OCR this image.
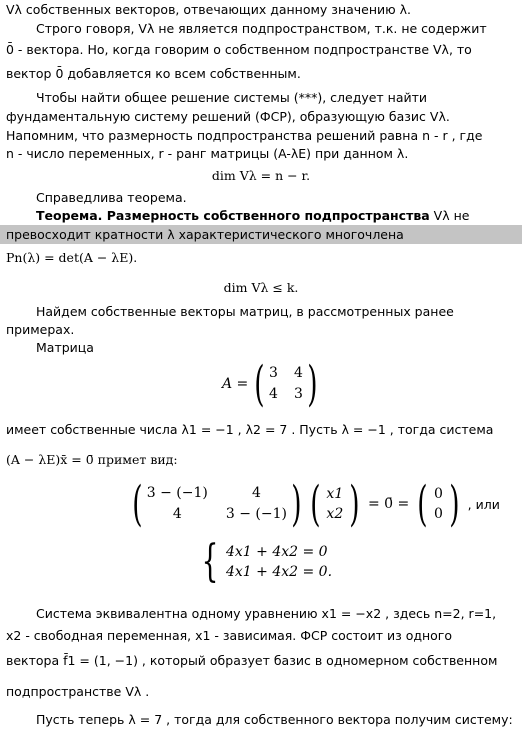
Vλ собственных векторов, отвечающих данному значению λ.
Строго говоря, Vλ не является подпространством, т.к. не содержит
0̄ - вектора. Но, когда говорим о собственном подпространстве Vλ, то
вектор 0̄ добавляется ко всем собственным.
Чтобы найти общее решение системы (***), следует найти
фундаментальную систему решений (ФСР), образующую базис Vλ.
Напомним, что размерность подпространства решений равна n - r , где
n - число переменных, r - ранг матрицы (A-λE) при данном λ.
dim Vλ = n − r.
Справедлива теорема.
Теорема. Размерность собственного подпространства Vλ не
превосходит кратности λ характеристического многочлена
Pn(λ) = det(A − λE).
dim Vλ ≤ k.
Найдем собственные векторы матриц, в рассмотренных ранее
примерах.
Матрица
A = ( 3 4
4 3 )
имеет собственные числа λ1 = −1 , λ2 = 7 . Пусть λ = −1 , тогда система
(A − λE)x̄ = 0̄ примет вид:
( 3 − (−1)	4
4	3 − (−1) ) ( x1
x2 ) = 0̄ = ( 0
0 ) , или
{ 4x1 + 4x2 = 0
4x1 + 4x2 = 0.
Система эквивалентна одному уравнению x1 = −x2 , здесь n=2, r=1,
x2 - свободная переменная, x1 - зависимая. ФСР состоит из одного
вектора f̄1 = (1, −1) , который образует базис в одномерном собственном
подпространстве Vλ .
Пусть теперь λ = 7 , тогда для собственного вектора получим систему:
